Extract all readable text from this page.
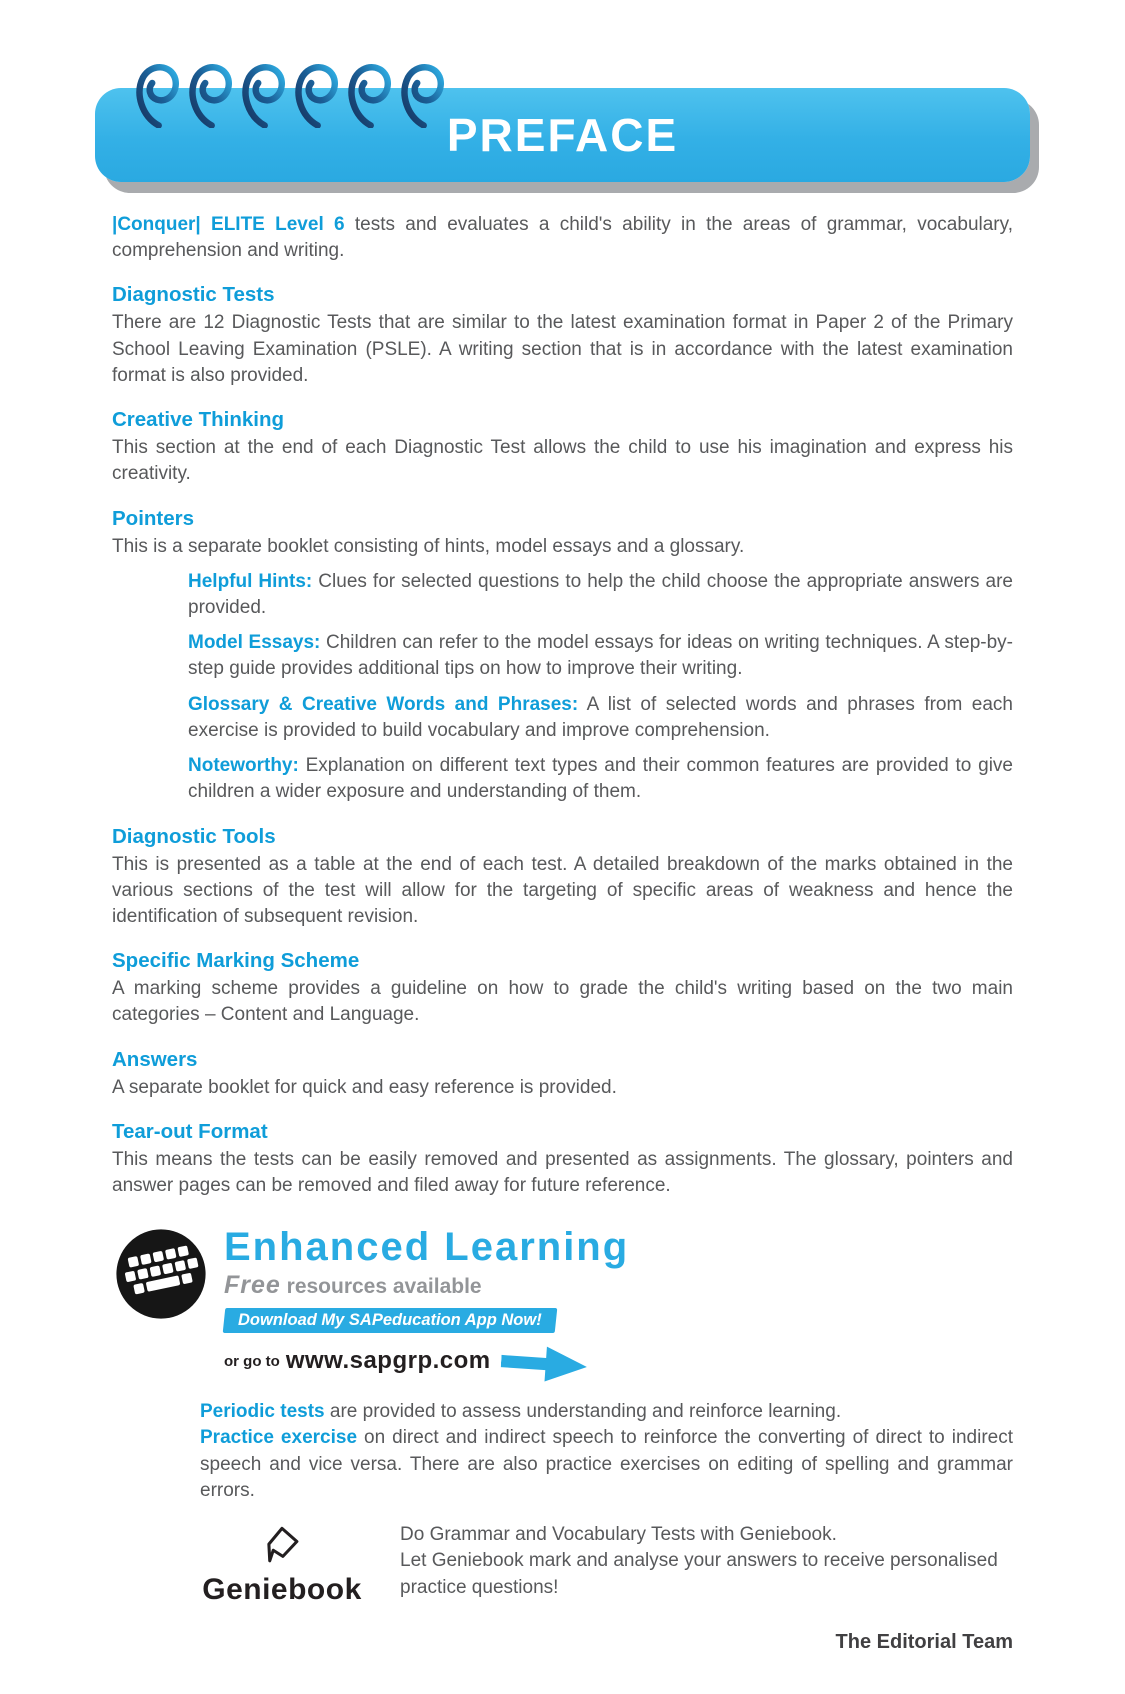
PREFACE

|Conquer| ELITE Level 6 tests and evaluates a child's ability in the areas of grammar, vocabulary, comprehension and writing.

Diagnostic Tests

There are 12 Diagnostic Tests that are similar to the latest examination format in Paper 2 of the Primary School Leaving Examination (PSLE). A writing section that is in accordance with the latest examination format is also provided.

Creative Thinking

This section at the end of each Diagnostic Test allows the child to use his imagination and express his creativity.

Pointers

This is a separate booklet consisting of hints, model essays and a glossary.

Helpful Hints: Clues for selected questions to help the child choose the appropriate answers are provided.
Model Essays: Children can refer to the model essays for ideas on writing techniques. A step-by-step guide provides additional tips on how to improve their writing.
Glossary & Creative Words and Phrases: A list of selected words and phrases from each exercise is provided to build vocabulary and improve comprehension.
Noteworthy: Explanation on different text types and their common features are provided to give children a wider exposure and understanding of them.
Diagnostic Tools

This is presented as a table at the end of each test. A detailed breakdown of the marks obtained in the various sections of the test will allow for the targeting of specific areas of weakness and hence the identification of subsequent revision.

Specific Marking Scheme

A marking scheme provides a guideline on how to grade the child's writing based on the two main categories – Content and Language.

Answers

A separate booklet for quick and easy reference is provided.

Tear-out Format

This means the tests can be easily removed and presented as assignments. The glossary, pointers and answer pages can be removed and filed away for future reference.

Enhanced Learning
Free resources available
Download My SAPeducation App Now!
or go to www.sapgrp.com

Periodic tests are provided to assess understanding and reinforce learning.

Practice exercise on direct and indirect speech to reinforce the converting of direct to indirect speech and vice versa. There are also practice exercises on editing of spelling and grammar errors.

Geniebook

Do Grammar and Vocabulary Tests with Geniebook.

Let Geniebook mark and analyse your answers to receive personalised practice questions!

The Editorial Team
